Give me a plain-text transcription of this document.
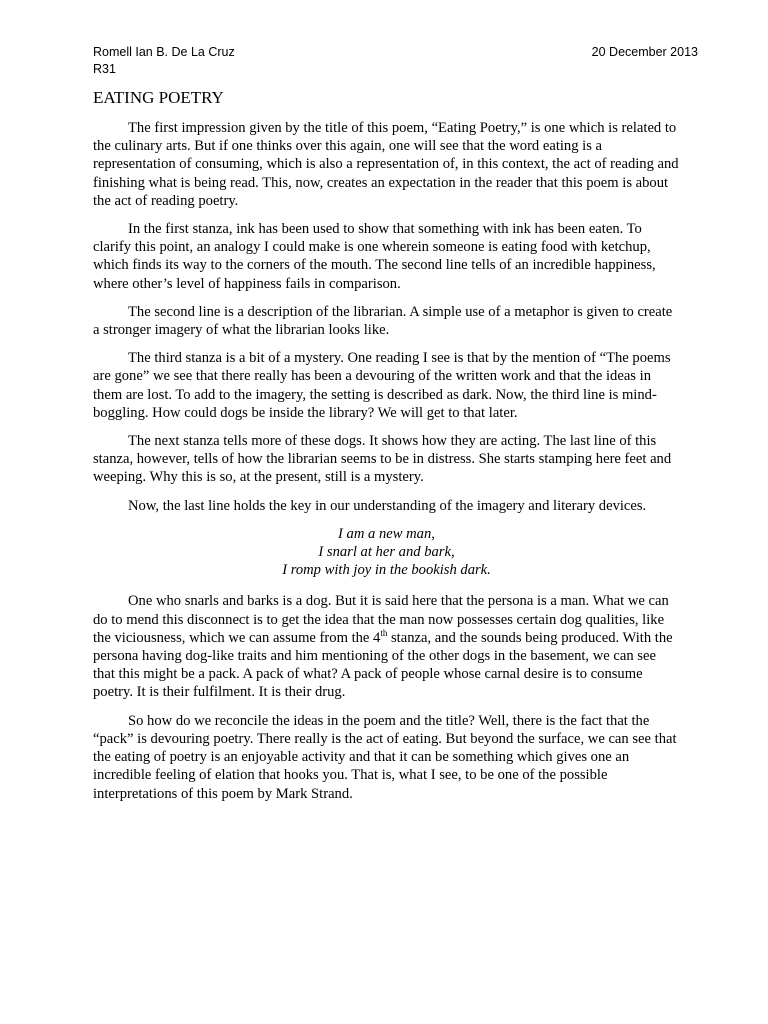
Romell Ian B. De La Cruz	20 December 2013
R31
EATING POETRY

The first impression given by the title of this poem, “Eating Poetry,” is one which is related to the culinary arts. But if one thinks over this again, one will see that the word eating is a representation of consuming, which is also a representation of, in this context, the act of reading and finishing what is being read. This, now, creates an expectation in the reader that this poem is about the act of reading poetry.

In the first stanza, ink has been used to show that something with ink has been eaten. To clarify this point, an analogy I could make is one wherein someone is eating food with ketchup, which finds its way to the corners of the mouth. The second line tells of an incredible happiness, where other’s level of happiness fails in comparison.

The second line is a description of the librarian. A simple use of a metaphor is given to create a stronger imagery of what the librarian looks like.

The third stanza is a bit of a mystery. One reading I see is that by the mention of “The poems are gone” we see that there really has been a devouring of the written work and that the ideas in them are lost. To add to the imagery, the setting is described as dark. Now, the third line is mind-boggling. How could dogs be inside the library? We will get to that later.

The next stanza tells more of these dogs. It shows how they are acting. The last line of this stanza, however, tells of how the librarian seems to be in distress. She starts stamping here feet and weeping. Why this is so, at the present, still is a mystery.

Now, the last line holds the key in our understanding of the imagery and literary devices.

I am a new man,
I snarl at her and bark,
I romp with joy in the bookish dark.

One who snarls and barks is a dog. But it is said here that the persona is a man. What we can do to mend this disconnect is to get the idea that the man now possesses certain dog qualities, like the viciousness, which we can assume from the 4th stanza, and the sounds being produced. With the persona having dog-like traits and him mentioning of the other dogs in the basement, we can see that this might be a pack. A pack of what? A pack of people whose carnal desire is to consume poetry. It is their fulfilment. It is their drug.

So how do we reconcile the ideas in the poem and the title? Well, there is the fact that the “pack” is devouring poetry. There really is the act of eating. But beyond the surface, we can see that the eating of poetry is an enjoyable activity and that it can be something which gives one an incredible feeling of elation that hooks you. That is, what I see, to be one of the possible interpretations of this poem by Mark Strand.
